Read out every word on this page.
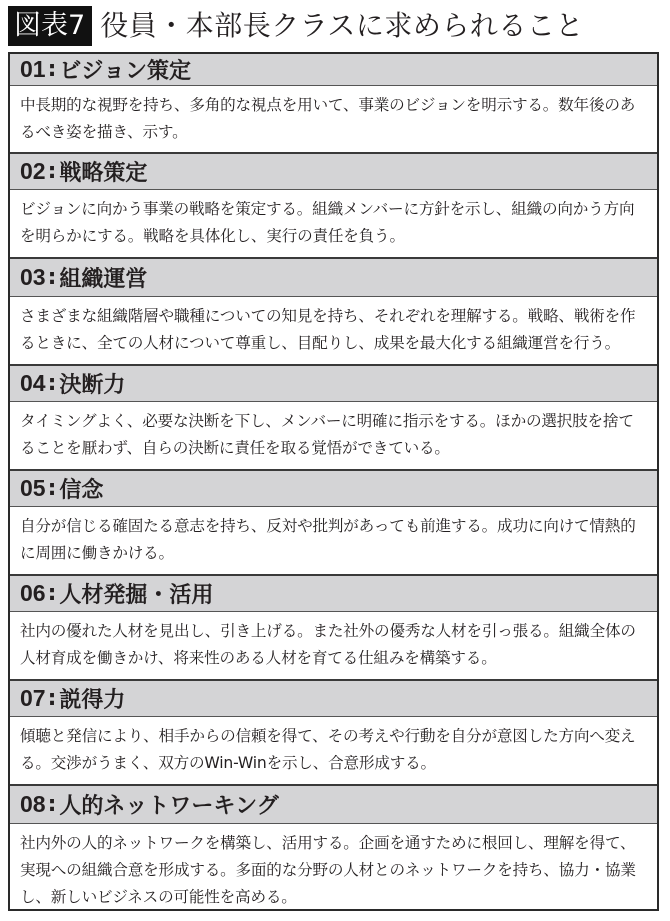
図表7 役員・本部長クラスに求められること
01 : ビジョン策定
中長期的な視野を持ち、多角的な視点を用いて、事業のビジョンを明示する。数年後のあるべき姿を描き、示す。
02 : 戦略策定
ビジョンに向かう事業の戦略を策定する。組織メンバーに方針を示し、組織の向かう方向を明らかにする。戦略を具体化し、実行の責任を負う。
03 : 組織運営
さまざまな組織階層や職種についての知見を持ち、それぞれを理解する。戦略、戦術を作るときに、全ての人材について尊重し、目配りし、成果を最大化する組織運営を行う。
04 : 決断力
タイミングよく、必要な決断を下し、メンバーに明確に指示をする。ほかの選択肢を捨てることを厭わず、自らの決断に責任を取る覚悟ができている。
05 : 信念
自分が信じる確固たる意志を持ち、反対や批判があっても前進する。成功に向けて情熱的に周囲に働きかける。
06 : 人材発掘・活用
社内の優れた人材を見出し、引き上げる。また社外の優秀な人材を引っ張る。組織全体の人材育成を働きかけ、将来性のある人材を育てる仕組みを構築する。
07 : 説得力
傾聴と発信により、相手からの信頼を得て、その考えや行動を自分が意図した方向へ変える。交渉がうまく、双方のWin-Winを示し、合意形成する。
08 : 人的ネットワーキング
社内外の人的ネットワークを構築し、活用する。企画を通すために根回し、理解を得て、実現への組織合意を形成する。多面的な分野の人材とのネットワークを持ち、協力・協業し、新しいビジネスの可能性を高める。
